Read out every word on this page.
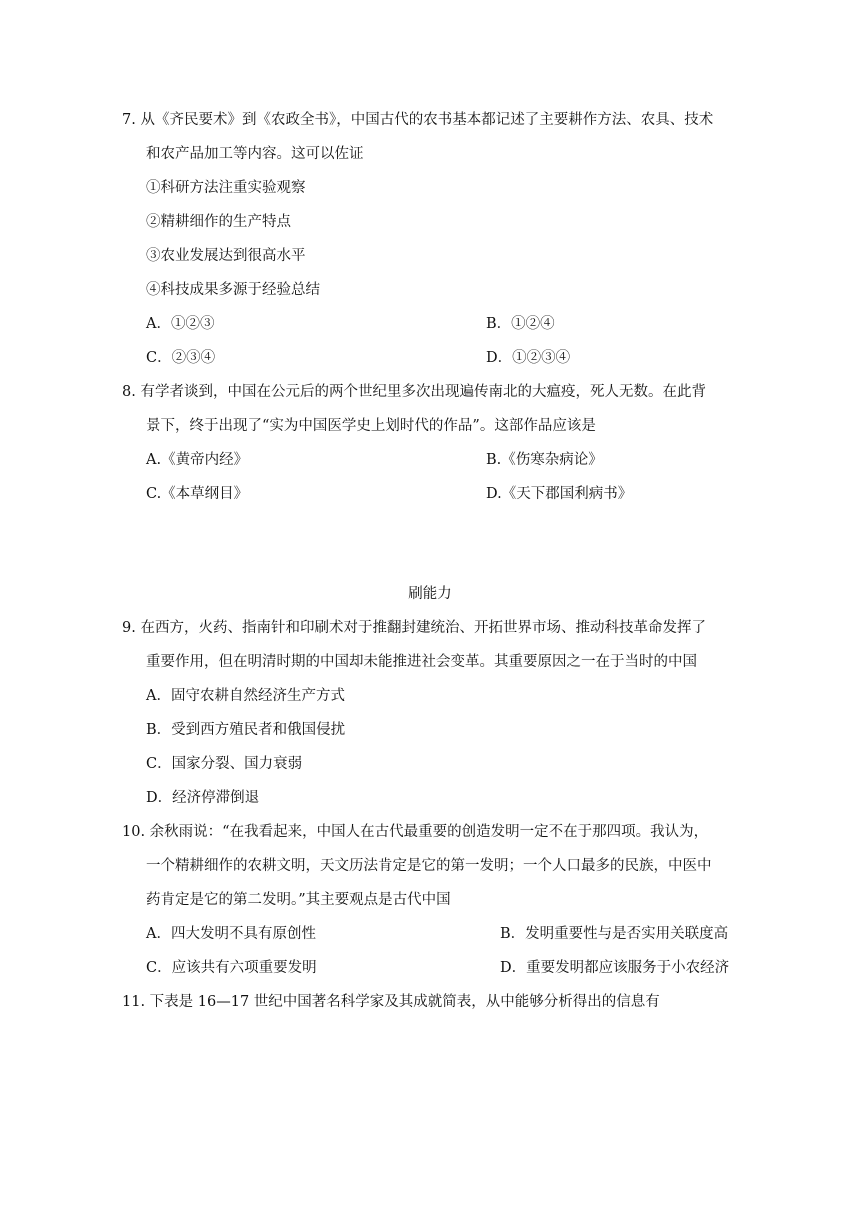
7. 从《齐民要术》到《农政全书》，中国古代的农书基本都记述了主要耕作方法、农具、技术
和农产品加工等内容。这可以佐证
①科研方法注重实验观察
②精耕细作的生产特点
③农业发展达到很高水平
④科技成果多源于经验总结
A．①②③	B．①②④
C．②③④	D．①②③④
8. 有学者谈到，中国在公元后的两个世纪里多次出现遍传南北的大瘟疫，死人无数。在此背
景下，终于出现了“实为中国医学史上划时代的作品”。这部作品应该是
A.《黄帝内经》	B.《伤寒杂病论》
C.《本草纲目》	D.《天下郡国利病书》
刷能力
9. 在西方，火药、指南针和印刷术对于推翻封建统治、开拓世界市场、推动科技革命发挥了
重要作用，但在明清时期的中国却未能推进社会变革。其重要原因之一在于当时的中国
A．固守农耕自然经济生产方式
B．受到西方殖民者和俄国侵扰
C．国家分裂、国力衰弱
D．经济停滞倒退
10. 余秋雨说：“在我看起来，中国人在古代最重要的创造发明一定不在于那四项。我认为，
一个精耕细作的农耕文明，天文历法肯定是它的第一发明；一个人口最多的民族，中医中
药肯定是它的第二发明。”其主要观点是古代中国
A．四大发明不具有原创性	B．发明重要性与是否实用关联度高
C．应该共有六项重要发明	D．重要发明都应该服务于小农经济
11. 下表是 16—17 世纪中国著名科学家及其成就简表，从中能够分析得出的信息有
